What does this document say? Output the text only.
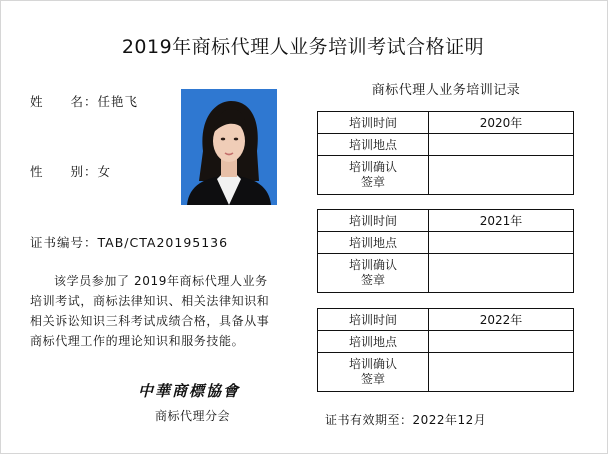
2019年商标代理人业务培训考试合格证明
姓　　名：任艳飞
性　　别：女
证书编号：TAB/CTA20195136
该学员参加了 2019年商标代理人业务
培训考试，商标法律知识、相关法律知识和
相关诉讼知识三科考试成绩合格，具备从事
商标代理工作的理论知识和服务技能。
中華商標協會
商标代理分会
商标代理人业务培训记录
培训时间	2020年
培训地点	

培训确认
签章	

培训时间	2021年
培训地点	

培训确认
签章	

培训时间	2022年
培训地点	

培训确认
签章	

证书有效期至：2022年12月
